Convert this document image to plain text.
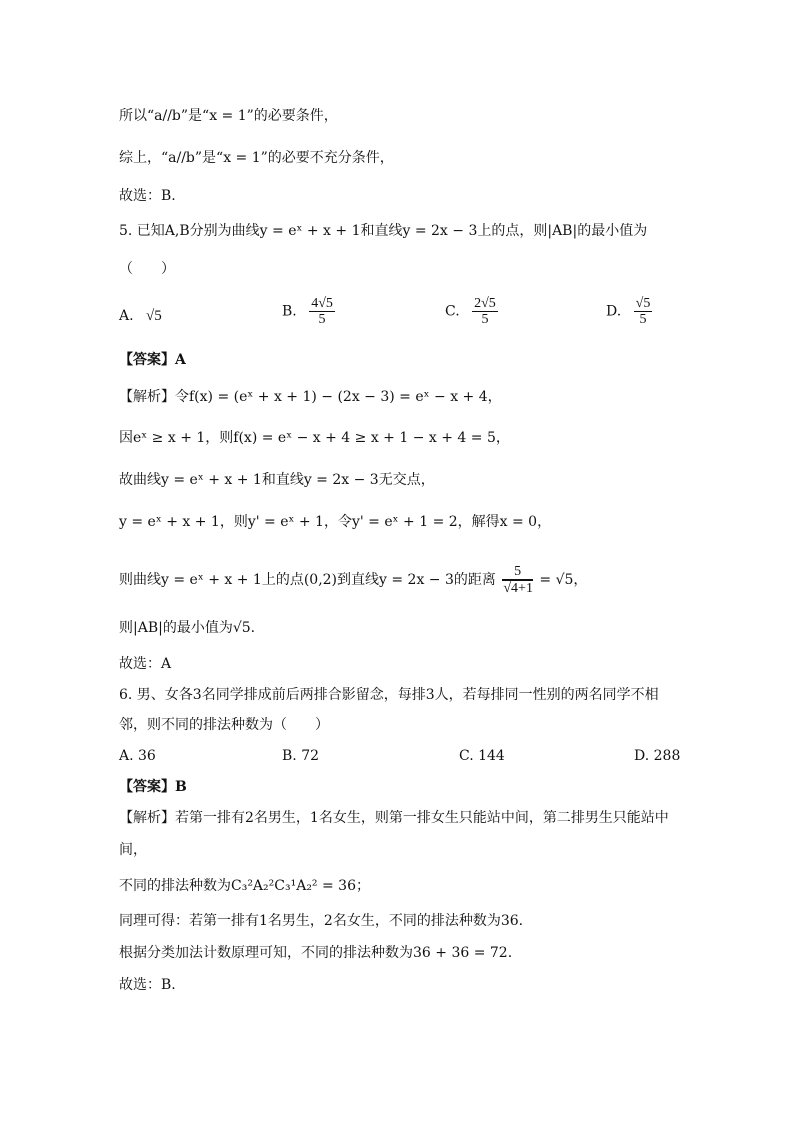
所以“a//b”是“x = 1”的必要条件，
综上，“a//b”是“x = 1”的必要不充分条件，
故选：B.
5. 已知A,B分别为曲线y = eˣ + x + 1和直线y = 2x − 3上的点，则|AB|的最小值为
（　　）
A. √5	B. $\frac{4√5}{5}$	C. $\frac{2√5}{5}$	D. $\frac{√5}{5}$
【答案】A
【解析】令f(x) = (eˣ + x + 1) − (2x − 3) = eˣ − x + 4，
因eˣ ≥ x + 1，则f(x) = eˣ − x + 4 ≥ x + 1 − x + 4 = 5，
故曲线y = eˣ + x + 1和直线y = 2x − 3无交点，
y = eˣ + x + 1，则y' = eˣ + 1，令y' = eˣ + 1 = 2，解得x = 0，
则曲线y = eˣ + x + 1上的点(0,2)到直线y = 2x − 3的距离 $\frac{5}{√4+1} = √5$，
则|AB|的最小值为√5.
故选：A
6. 男、女各3名同学排成前后两排合影留念，每排3人，若每排同一性别的两名同学不相
邻，则不同的排法种数为（　　）
A. 36	B. 72	C. 144	D. 288
【答案】B
【解析】若第一排有2名男生，1名女生，则第一排女生只能站中间，第二排男生只能站中
间，
不同的排法种数为C₃²A₂²C₃¹A₂² = 36；
同理可得：若第一排有1名男生，2名女生，不同的排法种数为36.
根据分类加法计数原理可知，不同的排法种数为36 + 36 = 72.
故选：B.
